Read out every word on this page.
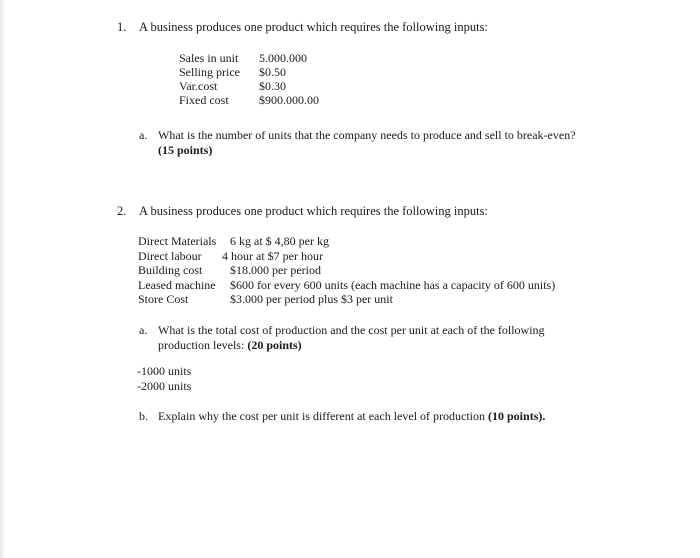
1. A business produces one product which requires the following inputs:
Sales in unit	5.000.000
Selling price	$0.50
Var.cost	$0.30
Fixed cost	$900.000.00
a. What is the number of units that the company needs to produce and sell to break-even?
(15 points)
2. A business produces one product which requires the following inputs:
Direct Materials	6 kg at $ 4,80 per kg
Direct labour	4 hour at $7 per hour
Building cost	$18.000 per period
Leased machine	$600 for every 600 units (each machine has a capacity of 600 units)
Store Cost	$3.000 per period plus $3 per unit
a. What is the total cost of production and the cost per unit at each of the following
production levels: (20 points)
-1000 units
-2000 units
b. Explain why the cost per unit is different at each level of production (10 points).
